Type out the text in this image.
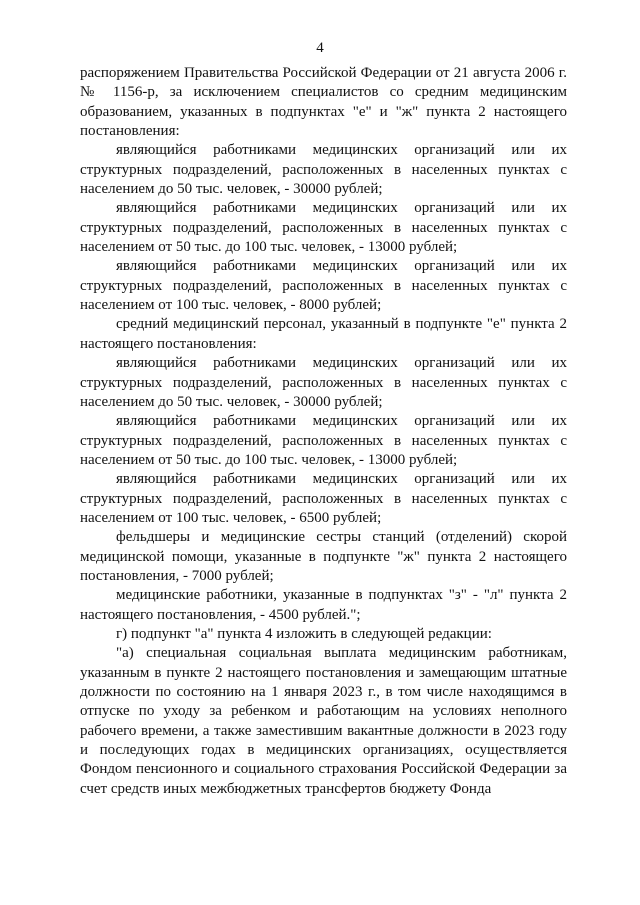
4

распоряжением Правительства Российской Федерации от 21 августа 2006 г. № 1156-р, за исключением специалистов со средним медицинским образованием, указанных в подпунктах "е" и "ж" пункта 2 настоящего постановления:

являющийся работниками медицинских организаций или их структурных подразделений, расположенных в населенных пунктах с населением до 50 тыс. человек, - 30000 рублей;

являющийся работниками медицинских организаций или их структурных подразделений, расположенных в населенных пунктах с населением от 50 тыс. до 100 тыс. человек, - 13000 рублей;

являющийся работниками медицинских организаций или их структурных подразделений, расположенных в населенных пунктах с населением от 100 тыс. человек, - 8000 рублей;

средний медицинский персонал, указанный в подпункте "е" пункта 2 настоящего постановления:

являющийся работниками медицинских организаций или их структурных подразделений, расположенных в населенных пунктах с населением до 50 тыс. человек, - 30000 рублей;

являющийся работниками медицинских организаций или их структурных подразделений, расположенных в населенных пунктах с населением от 50 тыс. до 100 тыс. человек, - 13000 рублей;

являющийся работниками медицинских организаций или их структурных подразделений, расположенных в населенных пунктах с населением от 100 тыс. человек, - 6500 рублей;

фельдшеры и медицинские сестры станций (отделений) скорой медицинской помощи, указанные в подпункте "ж" пункта 2 настоящего постановления, - 7000 рублей;

медицинские работники, указанные в подпунктах "з" - "л" пункта 2 настоящего постановления, - 4500 рублей.";

г) подпункт "а" пункта 4 изложить в следующей редакции:

"а) специальная социальная выплата медицинским работникам, указанным в пункте 2 настоящего постановления и замещающим штатные должности по состоянию на 1 января 2023 г., в том числе находящимся в отпуске по уходу за ребенком и работающим на условиях неполного рабочего времени, а также заместившим вакантные должности в 2023 году и последующих годах в медицинских организациях, осуществляется Фондом пенсионного и социального страхования Российской Федерации за счет средств иных межбюджетных трансфертов бюджету Фонда
